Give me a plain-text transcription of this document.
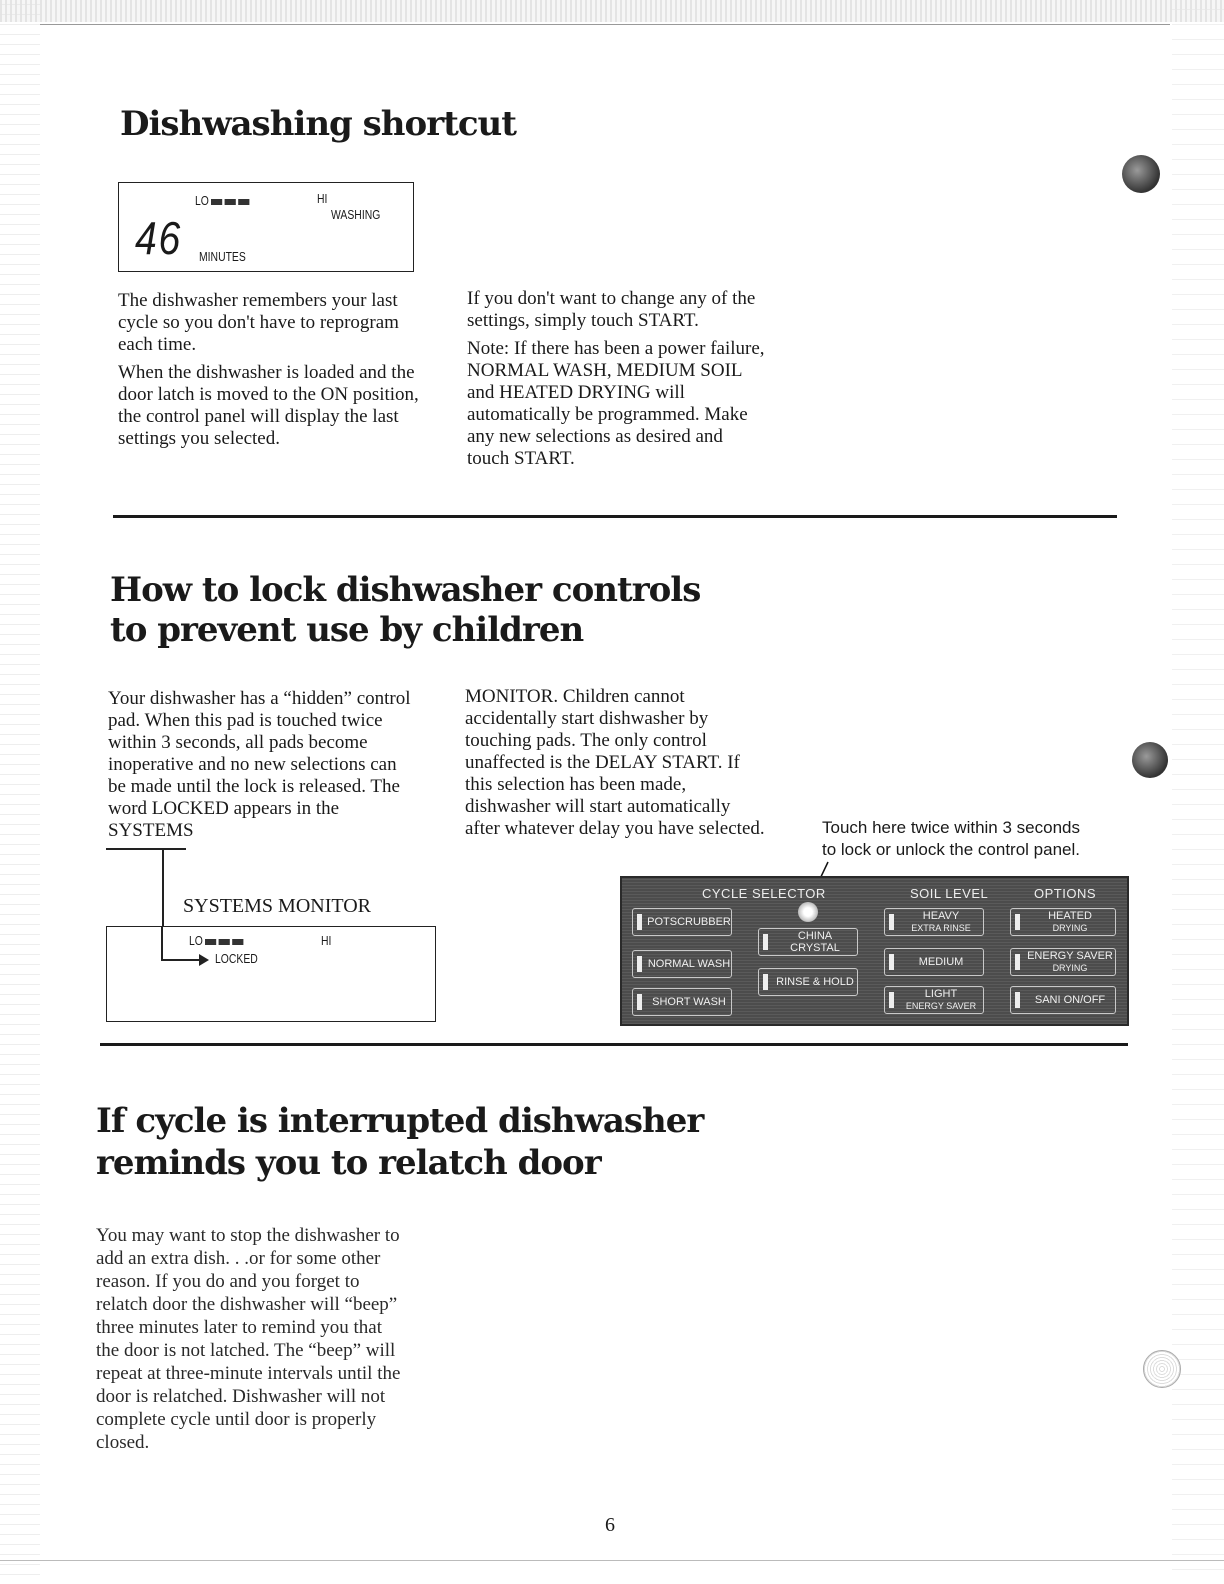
Dishwashing shortcut
LO	HI
WASHING
46 MINUTES

The dishwasher remembers your last cycle so you don't have to reprogram each time.

When the dishwasher is loaded and the door latch is moved to the ON position, the control panel will display the last settings you selected.

If you don't want to change any of the settings, simply touch START.

Note: If there has been a power failure, NORMAL WASH, MEDIUM SOIL and HEATED DRYING will automatically be programmed. Make any new selections as desired and touch START.

How to lock dishwasher controls
to prevent use by children
Your dishwasher has a “hidden” control pad. When this pad is touched twice within 3 seconds, all pads become inoperative and no new selections can be made until the lock is released. The word LOCKED appears in the SYSTEMS
MONITOR. Children cannot accidentally start dishwasher by touching pads. The only control unaffected is the DELAY START. If this selection has been made, dishwasher will start automatically after whatever delay you have selected.
SYSTEMS MONITOR
LO	HI
LOCKED
Touch here twice within 3 seconds
to lock or unlock the control panel.
CYCLE SELECTOR	SOIL LEVEL	OPTIONS
POTSCRUBBER
NORMAL WASH
SHORT WASH
CHINA CRYSTAL
RINSE & HOLD
HEAVY
EXTRA RINSE
MEDIUM
LIGHT
ENERGY SAVER
HEATED
DRYING
ENERGY SAVER
DRYING
SANI ON/OFF
If cycle is interrupted dishwasher
reminds you to relatch door
You may want to stop the dishwasher to add an extra dish. . .or for some other reason. If you do and you forget to relatch door the dishwasher will “beep” three minutes later to remind you that the door is not latched. The “beep” will repeat at three-minute intervals until the door is relatched. Dishwasher will not complete cycle until door is properly closed.
6
